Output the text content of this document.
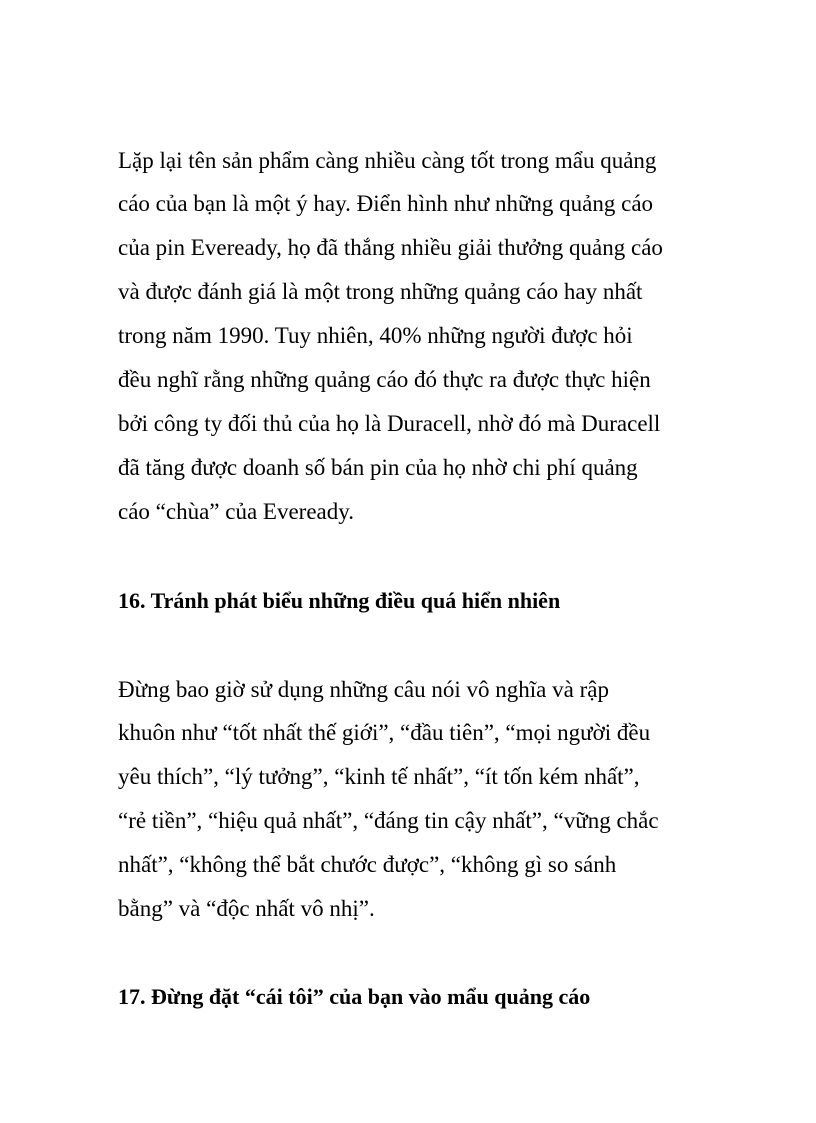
Lặp lại tên sản phẩm càng nhiều càng tốt trong mẩu quảng

cáo của bạn là một ý hay. Điển hình như những quảng cáo

của pin Eveready, họ đã thắng nhiều giải thưởng quảng cáo

và được đánh giá là một trong những quảng cáo hay nhất

trong năm 1990. Tuy nhiên, 40% những người được hỏi

đều nghĩ rằng những quảng cáo đó thực ra được thực hiện

bởi công ty đối thủ của họ là Duracell, nhờ đó mà Duracell

đã tăng được doanh số bán pin của họ nhờ chi phí quảng

cáo “chùa” của Eveready.

16. Tránh phát biểu những điều quá hiển nhiên

Đừng bao giờ sử dụng những câu nói vô nghĩa và rập

khuôn như “tốt nhất thế giới”, “đầu tiên”, “mọi người đều

yêu thích”, “lý tưởng”, “kinh tế nhất”, “ít tốn kém nhất”,

“rẻ tiền”, “hiệu quả nhất”, “đáng tin cậy nhất”, “vững chắc

nhất”, “không thể bắt chước được”, “không gì so sánh

bằng” và “độc nhất vô nhị”.

17. Đừng đặt “cái tôi” của bạn vào mẩu quảng cáo
